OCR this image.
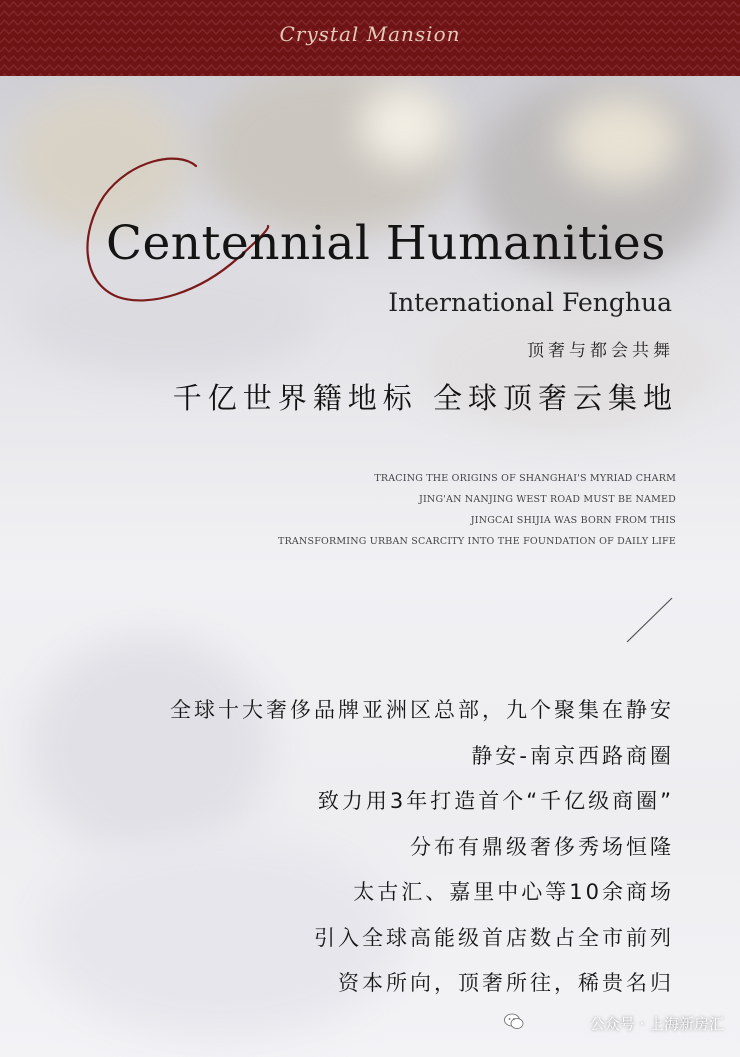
Crystal Mansion
Centennial Humanities
International Fenghua
顶奢与都会共舞
千亿世界籍地标 全球顶奢云集地
TRACING THE ORIGINS OF SHANGHAI'S MYRIAD CHARM
JING'AN NANJING WEST ROAD MUST BE NAMED
JINGCAI SHIJIA WAS BORN FROM THIS
TRANSFORMING URBAN SCARCITY INTO THE FOUNDATION OF DAILY LIFE
全球十大奢侈品牌亚洲区总部，九个聚集在静安
静安-南京西路商圈
致力用3年打造首个“千亿级商圈”
分布有鼎级奢侈秀场恒隆
太古汇、嘉里中心等10余商场
引入全球高能级首店数占全市前列
资本所向，顶奢所往，稀贵名归
公众号 · 上海新房汇
